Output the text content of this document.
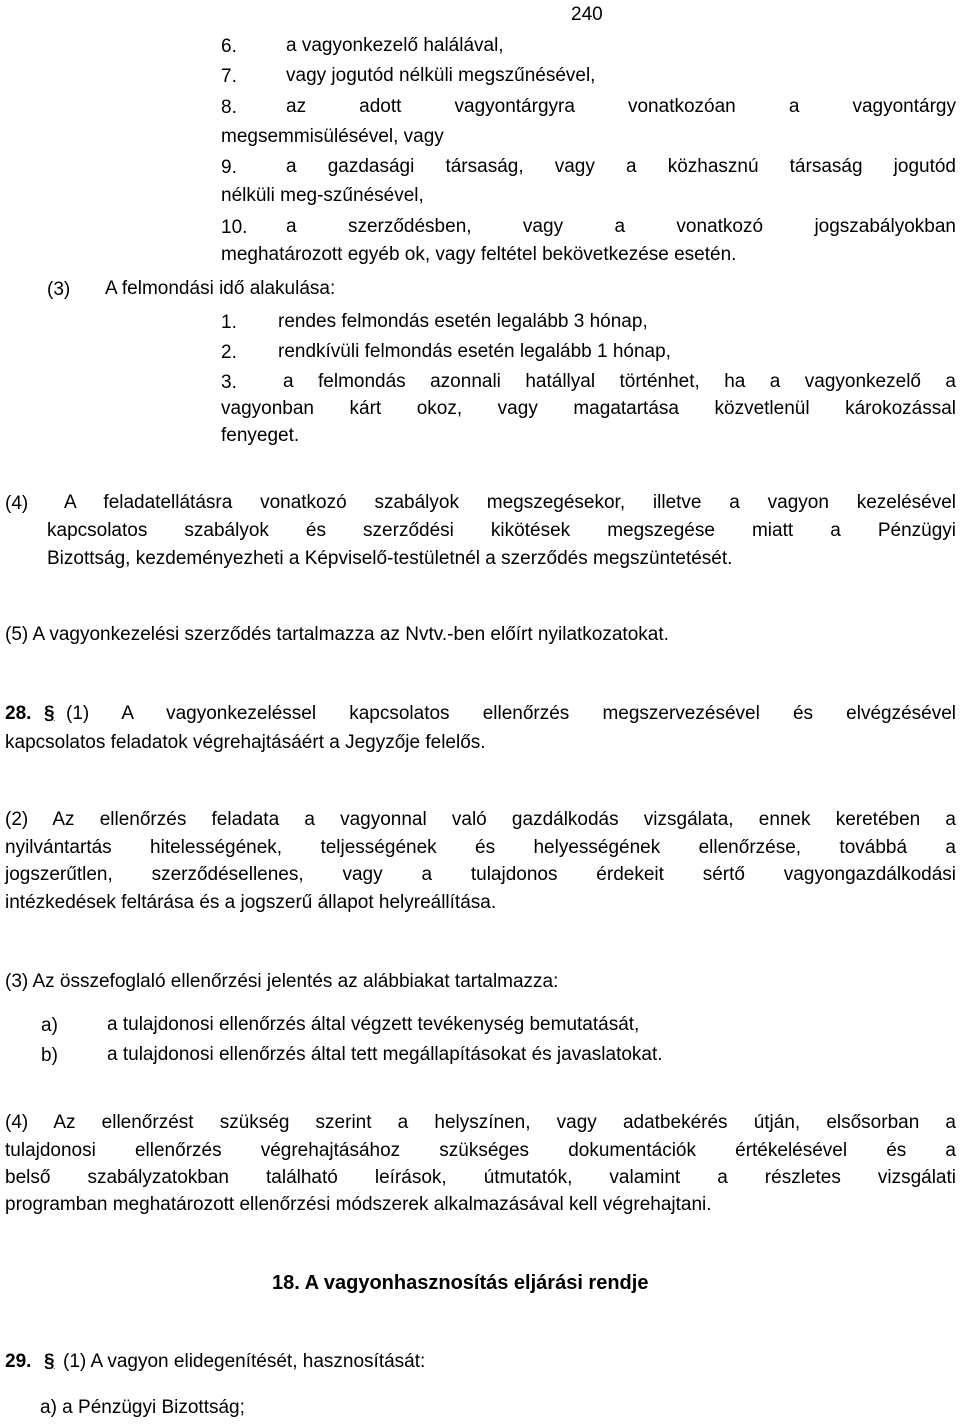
240
6.	a vagyonkezelő halálával,
7.	vagy jogutód nélküli megszűnésével,
8.	az adott vagyontárgyra vonatkozóan a vagyontárgy
megsemmisülésével, vagy
9.	a gazdasági társaság, vagy a közhasznú társaság jogutód
nélküli meg-szűnésével,
10. a szerződésben, vagy a vonatkozó jogszabályokban
meghatározott egyéb ok, vagy feltétel bekövetkezése esetén.
(3) A felmondási idő alakulása:
1. rendes felmondás esetén legalább 3 hónap,
2. rendkívüli felmondás esetén legalább 1 hónap,
3. a felmondás azonnali hatállyal történhet, ha a vagyonkezelő a
vagyonban kárt okoz, vagy magatartása közvetlenül károkozással
fenyeget.
(4) A feladatellátásra vonatkozó szabályok megszegésekor, illetve a vagyon kezelésével
kapcsolatos szabályok és szerződési kikötések megszegése miatt a Pénzügyi
Bizottság, kezdeményezheti a Képviselő-testületnél a szerződés megszüntetését.
(5) A vagyonkezelési szerződés tartalmazza az Nvtv.-ben előírt nyilatkozatokat.
28. § (1) A vagyonkezeléssel kapcsolatos ellenőrzés megszervezésével és elvégzésével
kapcsolatos feladatok végrehajtásáért a Jegyzője felelős.
(2) Az ellenőrzés feladata a vagyonnal való gazdálkodás vizsgálata, ennek keretében a
nyilvántartás hitelességének, teljességének és helyességének ellenőrzése, továbbá a
jogszerűtlen, szerződésellenes, vagy a tulajdonos érdekeit sértő vagyongazdálkodási
intézkedések feltárása és a jogszerű állapot helyreállítása.
(3) Az összefoglaló ellenőrzési jelentés az alábbiakat tartalmazza:
a)	a tulajdonosi ellenőrzés által végzett tevékenység bemutatását,
b)	a tulajdonosi ellenőrzés által tett megállapításokat és javaslatokat.
(4) Az ellenőrzést szükség szerint a helyszínen, vagy adatbekérés útján, elsősorban a
tulajdonosi ellenőrzés végrehajtásához szükséges dokumentációk értékelésével és a
belső szabályzatokban található leírások, útmutatók, valamint a részletes vizsgálati
programban meghatározott ellenőrzési módszerek alkalmazásával kell végrehajtani.
18. A vagyonhasznosítás eljárási rendje
29. § (1) A vagyon elidegenítését, hasznosítását:
a) a Pénzügyi Bizottság;
